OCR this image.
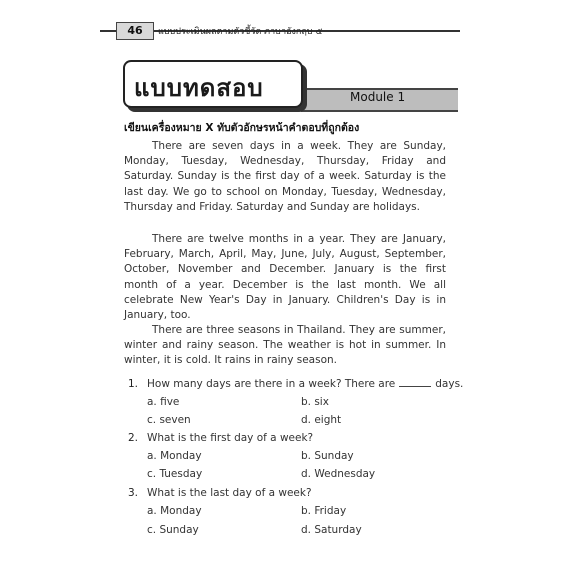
46	แบบประเมินผลตามตัวชี้วัด ภาษาอังกฤษ ๕
Module 1
แบบทดสอบ
เขียนเครื่องหมาย X ทับตัวอักษรหน้าคำตอบที่ถูกต้อง
There are seven days in a week. They are Sunday, Monday, Tuesday, Wednesday, Thursday, Friday and Saturday. Sunday is the first day of a week. Saturday is the last day. We go to school on Monday, Tuesday, Wednesday, Thursday and Friday. Saturday and Sunday are holidays.
There are twelve months in a year. They are January, February, March, April, May, June, July, August, September, October, November and December. January is the first month of a year. December is the last month. We all celebrate New Year's Day in January. Children's Day is in January, too.
There are three seasons in Thailand. They are summer, winter and rainy season. The weather is hot in summer. In winter, it is cold. It rains in rainy season.
1. How many days are there in a week? There are	days.
a. five	b. six
c. seven	d. eight
2. What is the first day of a week?
a. Monday	b. Sunday
c. Tuesday	d. Wednesday
3. What is the last day of a week?
a. Monday	b. Friday
c. Sunday	d. Saturday
